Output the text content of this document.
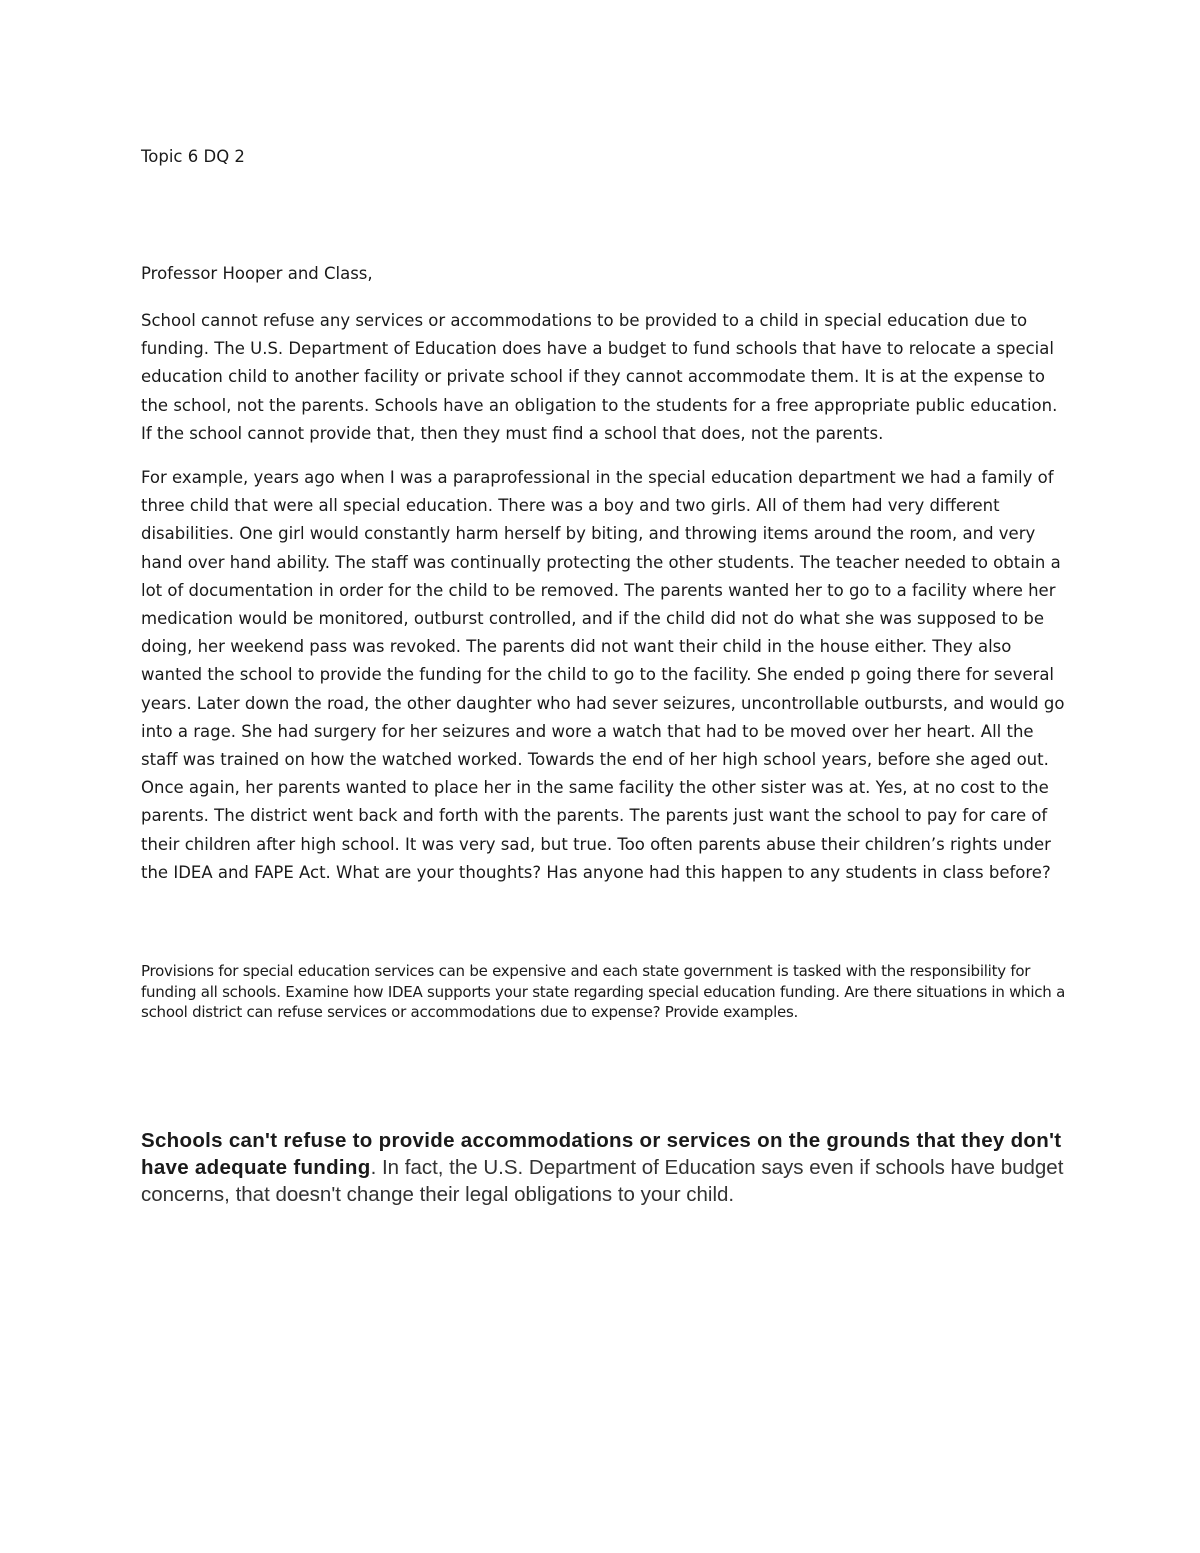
Topic 6 DQ 2

Professor Hooper and Class,

School cannot refuse any services or accommodations to be provided to a child in special education due to funding. The U.S. Department of Education does have a budget to fund schools that have to relocate a special education child to another facility or private school if they cannot accommodate them. It is at the expense to the school, not the parents. Schools have an obligation to the students for a free appropriate public education. If the school cannot provide that, then they must find a school that does, not the parents.

For example, years ago when I was a paraprofessional in the special education department we had a family of three child that were all special education. There was a boy and two girls. All of them had very different disabilities. One girl would constantly harm herself by biting, and throwing items around the room, and very hand over hand ability. The staff was continually protecting the other students. The teacher needed to obtain a lot of documentation in order for the child to be removed. The parents wanted her to go to a facility where her medication would be monitored, outburst controlled, and if the child did not do what she was supposed to be doing, her weekend pass was revoked. The parents did not want their child in the house either. They also wanted the school to provide the funding for the child to go to the facility. She ended p going there for several years. Later down the road, the other daughter who had sever seizures, uncontrollable outbursts, and would go into a rage. She had surgery for her seizures and wore a watch that had to be moved over her heart. All the staff was trained on how the watched worked. Towards the end of her high school years, before she aged out. Once again, her parents wanted to place her in the same facility the other sister was at. Yes, at no cost to the parents. The district went back and forth with the parents. The parents just want the school to pay for care of their children after high school. It was very sad, but true. Too often parents abuse their children’s rights under the IDEA and FAPE Act. What are your thoughts? Has anyone had this happen to any students in class before?

Provisions for special education services can be expensive and each state government is tasked with the responsibility for funding all schools. Examine how IDEA supports your state regarding special education funding. Are there situations in which a school district can refuse services or accommodations due to expense? Provide examples.

Schools can't refuse to provide accommodations or services on the grounds that they don't have adequate funding. In fact, the U.S. Department of Education says even if schools have budget concerns, that doesn't change their legal obligations to your child.
